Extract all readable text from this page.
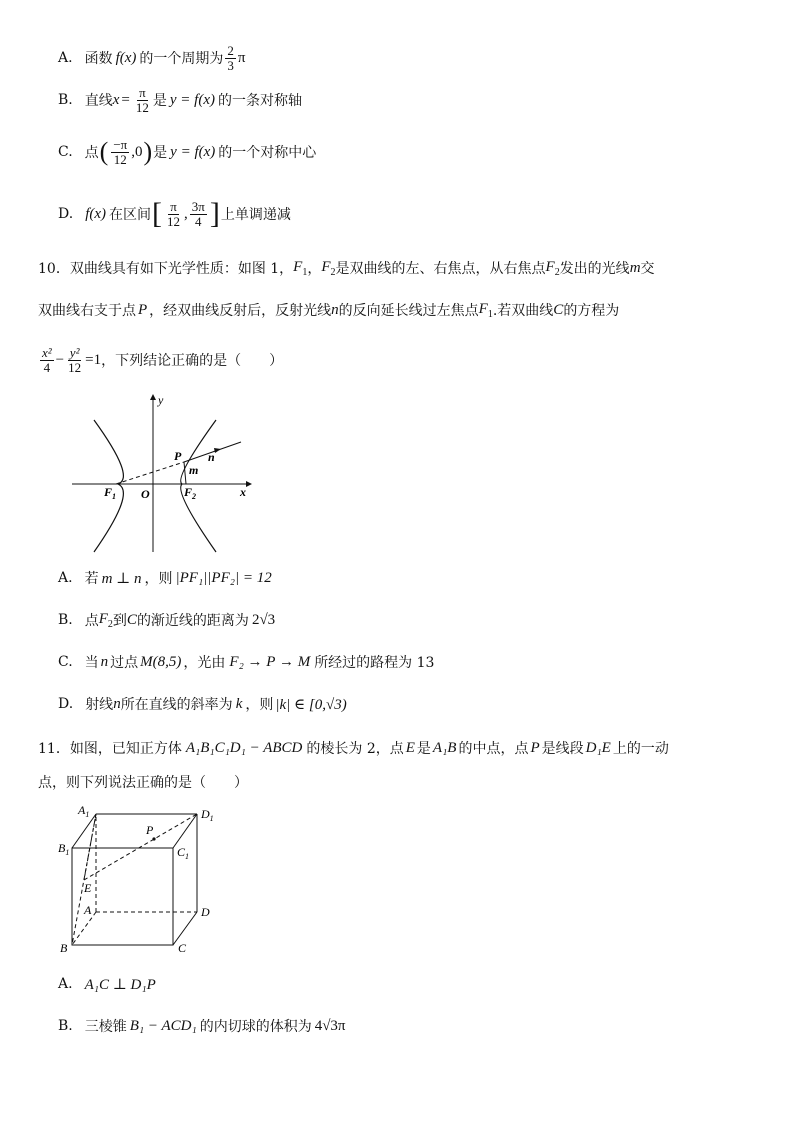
A. 函数 f(x) 的一个周期为 $\frac{2}{3}$ π
B. 直线 $x = \frac{\pi}{12}$ 是 y = f(x) 的一条对称轴
C. 点 ( $\frac{-\pi}{12} ,0$ ) 是 y = f(x) 的一个对称中心
D. f(x) 在区间 [ $\frac{\pi}{12}$ , $\frac{3\pi}{4}$ ] 上单调递减
10．双曲线具有如下光学性质：如图 1， $F_1$ ， $F_2$ 是双曲线的左、右焦点，从右焦点 $F_2$ 发出的光线 m 交
双曲线右支于点 P ，经双曲线反射后，反射光线 n 的反向延长线过左焦点 $F_1$ .若双曲线 C 的方程为
$\frac{\text{x²}}{4} - \frac{\text{y²}}{12} =1$ ，下列结论正确的是（　　）
y
x
O
$F_1$	$F_2$
P
m
n
A. 若 m ⊥ n ，则 |PF₁||PF₂| = 12
B. 点 $F_2$ 到 C 的渐近线的距离为 2√3
C. 当 n 过点 M(8,5) ，光由 F₂ → P → M 所经过的路程为 13
D. 射线 n 所在直线的斜率为 k ，则 |k| ∈ [0,√3)
11．如图，已知正方体 A₁B₁C₁D₁ − ABCD 的棱长为 2，点 E 是 A₁B 的中点，点 P 是线段 D₁E 上的一动
点，则下列说法正确的是（　　）
$A_1$	$D_1$
$B_1$	$C_1$
P
E
A	D
B	C
A. A₁C ⊥ D₁P
B. 三棱锥 B₁ − ACD₁ 的内切球的体积为 4√3π
